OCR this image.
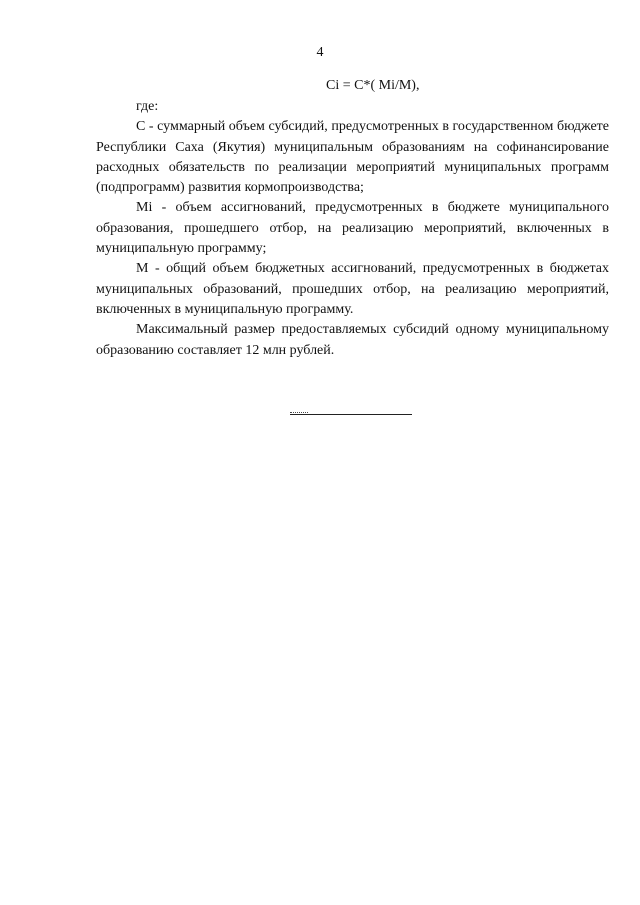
4
Ci = C*( Mi/M),

где:

С - суммарный объем субсидий, предусмотренных в государственном бюджете Республики Саха (Якутия) муниципальным образованиям на софинансирование расходных обязательств по реализации мероприятий муниципальных программ (подпрограмм) развития кормопроизводства;

Mi - объем ассигнований, предусмотренных в бюджете муниципального образования, прошедшего отбор, на реализацию мероприятий, включенных в муниципальную программу;

М - общий объем бюджетных ассигнований, предусмотренных в бюджетах муниципальных образований, прошедших отбор, на реализацию мероприятий, включенных в муниципальную программу.

Максимальный размер предоставляемых субсидий одному муниципальному образованию составляет 12 млн рублей.
